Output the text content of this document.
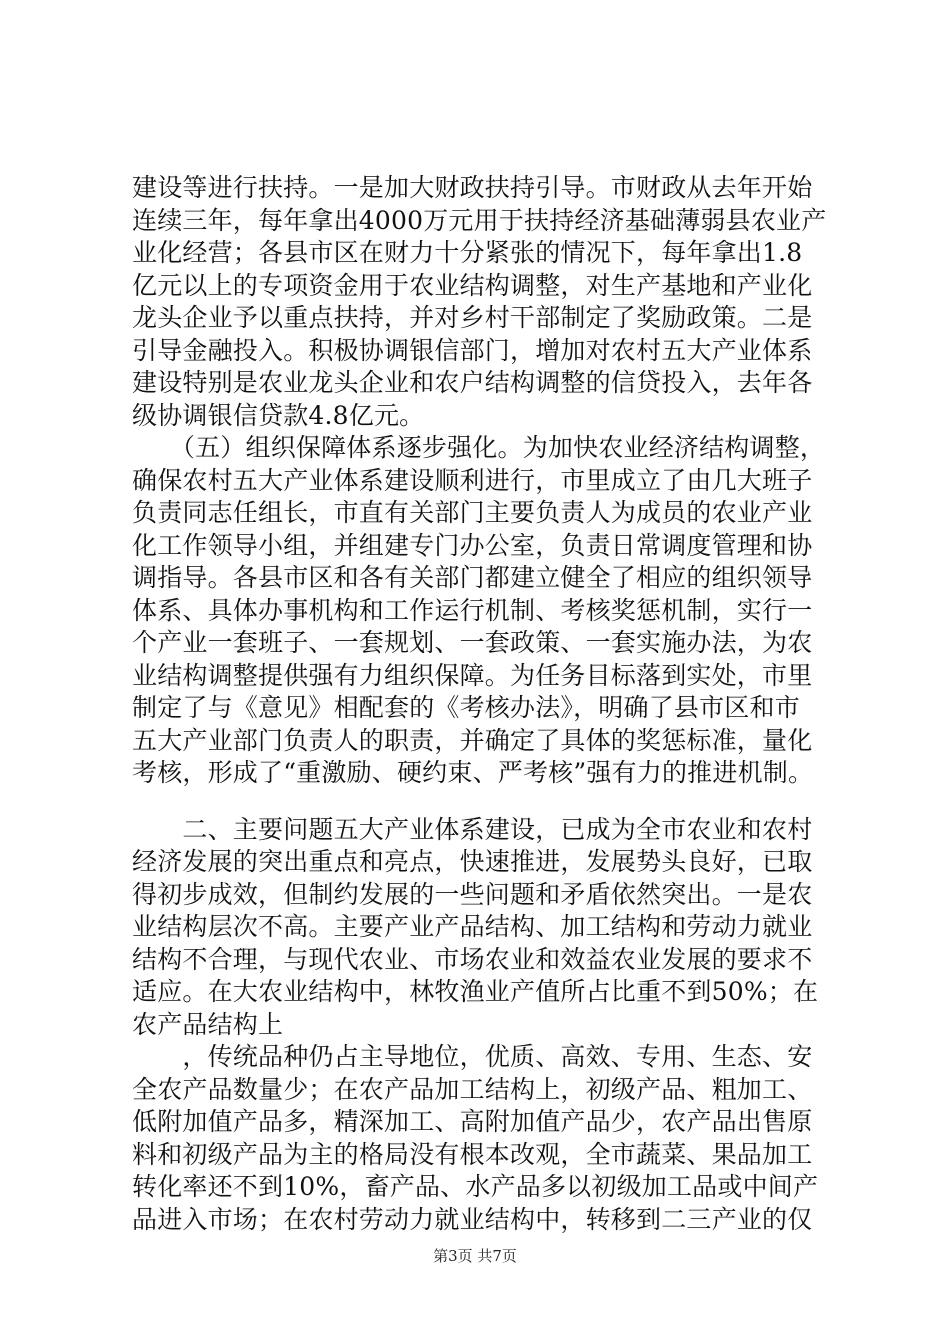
建设等进行扶持。一是加大财政扶持引导。市财政从去年开始
连续三年，每年拿出4000万元用于扶持经济基础薄弱县农业产
业化经营；各县市区在财力十分紧张的情况下，每年拿出1.8
亿元以上的专项资金用于农业结构调整，对生产基地和产业化
龙头企业予以重点扶持，并对乡村干部制定了奖励政策。二是
引导金融投入。积极协调银信部门，增加对农村五大产业体系
建设特别是农业龙头企业和农户结构调整的信贷投入，去年各
级协调银信贷款4.8亿元。
　　（五）组织保障体系逐步强化。为加快农业经济结构调整，
确保农村五大产业体系建设顺利进行，市里成立了由几大班子
负责同志任组长，市直有关部门主要负责人为成员的农业产业
化工作领导小组，并组建专门办公室，负责日常调度管理和协
调指导。各县市区和各有关部门都建立健全了相应的组织领导
体系、具体办事机构和工作运行机制、考核奖惩机制，实行一
个产业一套班子、一套规划、一套政策、一套实施办法，为农
业结构调整提供强有力组织保障。为任务目标落到实处，市里
制定了与《意见》相配套的《考核办法》，明确了县市区和市
五大产业部门负责人的职责，并确定了具体的奖惩标准，量化
考核，形成了“重激励、硬约束、严考核”强有力的推进机制。
　　二、主要问题五大产业体系建设，已成为全市农业和农村
经济发展的突出重点和亮点，快速推进，发展势头良好，已取
得初步成效，但制约发展的一些问题和矛盾依然突出。一是农
业结构层次不高。主要产业产品结构、加工结构和劳动力就业
结构不合理，与现代农业、市场农业和效益农业发展的要求不
适应。在大农业结构中，林牧渔业产值所占比重不到50%；在
农产品结构上
　　，传统品种仍占主导地位，优质、高效、专用、生态、安
全农产品数量少；在农产品加工结构上，初级产品、粗加工、
低附加值产品多，精深加工、高附加值产品少，农产品出售原
料和初级产品为主的格局没有根本改观，全市蔬菜、果品加工
转化率还不到10%，畜产品、水产品多以初级加工品或中间产
品进入市场；在农村劳动力就业结构中，转移到二三产业的仅
第3页 共7页
